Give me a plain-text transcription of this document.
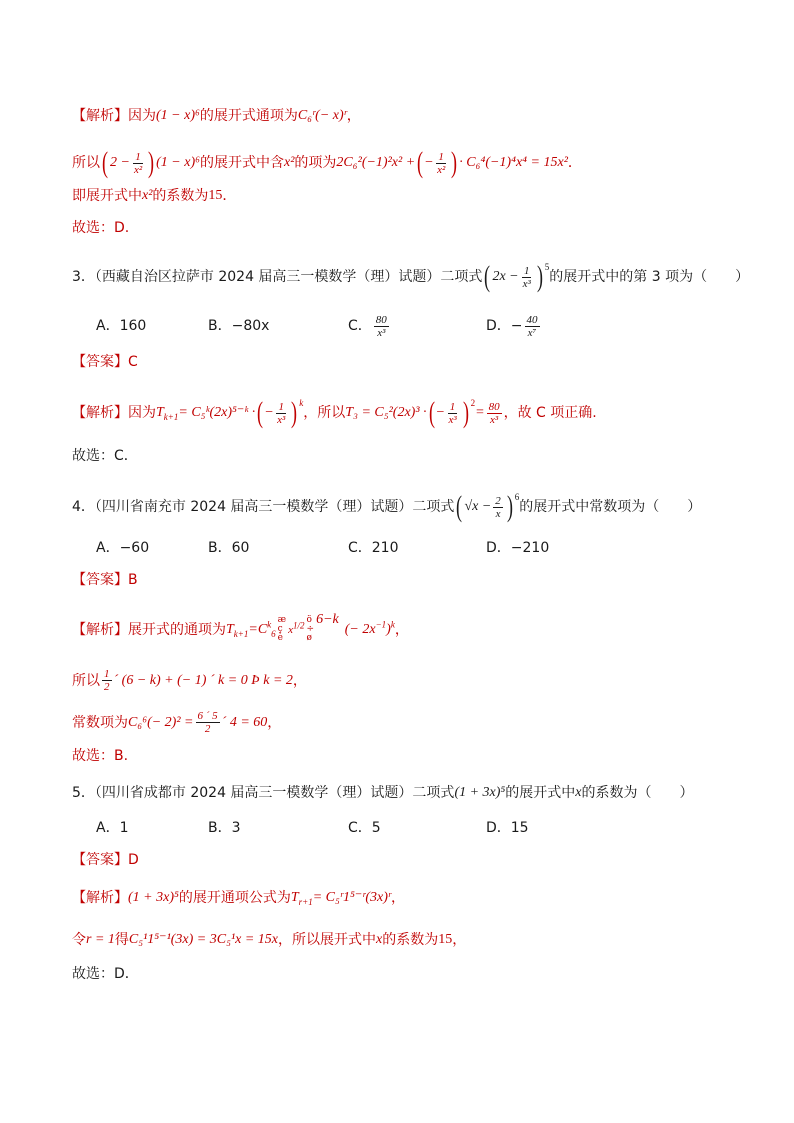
【解析】 因为 (1 − x)⁶ 的展开式通项为 C₆ʳ(− x)ʳ ，
所以 ( $2 - \frac{1}{\text{x²}}$ ) (1 − x)⁶ 的展开式中含 x² 的项为 2C₆²(−1)²x² + ( − $\frac{1}{\text{x²}}$ ) · C₆⁴(−1)⁴x⁴ = 15x² ．
即展开式中 x² 的系数为 15 ．
故选： D.
3．（西藏自治区拉萨市 2024 届高三一模数学（理）试题）二项式 ( $2x - \frac{1}{\text{x³}} )^5$
的展开式中的第 3 项为（　　）
A．160	B．−80x	C． $\frac{80}{\text{x³}}$	D．− $\frac{40}{\text{x⁷}}$
【答案】 C
【解析】 因为 $T_{k+1}$ = C₅ᵏ(2x)⁵⁻ᵏ · ( − $\frac{1}{\text{x³}} )^k$
，所以 T₃ = C₅²(2x)³ · ( − $\frac{1}{\text{x³}} )^2$
= $\frac{80}{\text{x³}}$ ，故 C 项正确.
故选： C．
4．（四川省南充市 2024 届高三一模数学（理）试题）二项式 ( $√x - \frac{2}{x} )^6$
的展开式中常数项为（　　）
A．−60	B．60	C．210	D．−210
【答案】 B
【解析】 展开式的通项为 $T_{k+1} =C^k_6$
æ
ç
è
$x^{1/2}$ ö
÷
ø
$^{6-k}$
(− $2x^{-1})^k$ ，
所以 $\frac{1}{2}$ ´ (6 − k) + (− 1) ´ k = 0 Þ k = 2 ，
常数项为 $C_6^6(- 2)^2 = \frac{6 ´ 5}{2}$ ´ 4 = 60 ，
故选： B.
5．（四川省成都市 2024 届高三一模数学（理）试题）二项式 (1 + 3x)⁵ 的展开式中 x 的系数为（　　）
A．1	B．3	C．5	D．15
【答案】 D
【解析】 (1 + 3x)⁵ 的展开通项公式为 $T_{r+1}$ = C₅ʳ1⁵⁻ʳ(3x)ʳ ，
令 r = 1 得 C₅¹1⁵⁻¹(3x) = 3C₅¹x = 15x ，所以展开式中 x 的系数为 15 ，
故选： D．
